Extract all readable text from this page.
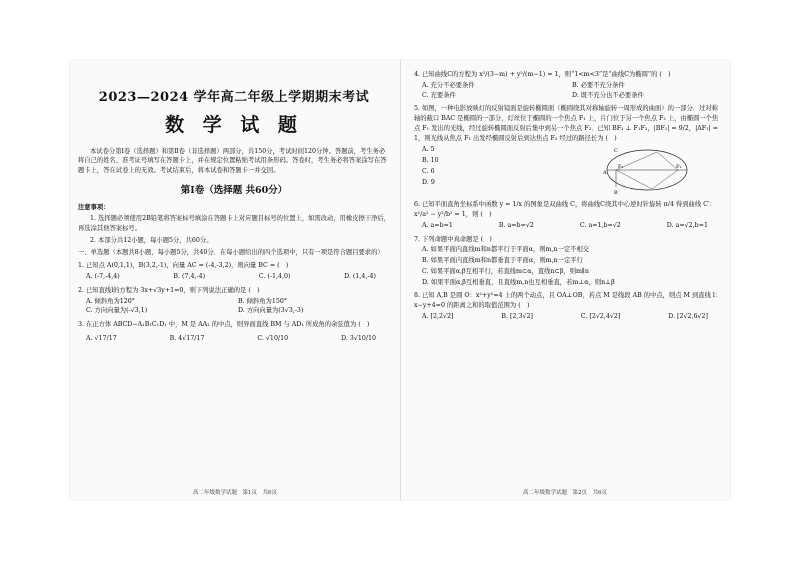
2023—2024 学年高二年级上学期期末考试
数 学 试 题
本试卷分第Ⅰ卷（选择题）和第Ⅱ卷（非选择题）两部分，共150分，考试时间120分钟。答题前，考生务必将自己的姓名、准考证号填写在答题卡上，并在规定位置粘贴考试用条形码。答卷时，考生务必将答案涂写在答题卡上，答在试卷上的无效。考试结束后，将本试卷和答题卡一并交回。
第Ⅰ卷（选择题 共60分）
注意事项：
1. 选择题必须使用2B铅笔将答案标号填涂在答题卡上对应题目标号的位置上，如需改动，用橡皮擦干净后，再选涂其他答案标号。
2. 本部分共12小题，每小题5分，共60分。
一、单选题（本题共8小题，每小题5分，共40分．在每小题给出的四个选项中，只有一项是符合题目要求的）
1. 已知点 A(0,1,1)，B(3,2,-1)，向量 AC = (-4,-3,2)，则向量 BC = (　)
A. (-7,-4,4)	B. (7,4,-4)	C. (-1,4,0)	D. (1,4,-4)
2. 已知直线l的方程为 3x+√3y+1=0，则下列说法正确的是 (　)
A. 倾斜角为120°	B. 倾斜角为150°
C. 方向向量为(-√3,1)	D. 方向向量为(3√3,-3)
3. 在正方体 ABCD−A₁B₁C₁D₁ 中，M 是 AA₁ 的中点，则异面直线 BM 与 AD₁ 所成角的余弦值为 (　)
A. √17/17	B. 4√17/17	C. √10/10	D. 3√10/10
高二年级数学试题　第1页　共6页
4. 已知曲线C的方程为 x²/(3−m) + y²/(m−1) = 1，则“1<m<3”是“曲线C为椭圆”的 (　)
A. 充分不必要条件	B. 必要不充分条件
C. 充要条件	D. 既不充分也不必要条件
5. 如图，一种电影放映灯的反射镜面是旋转椭圆面（椭圆绕其对称轴旋转一周形成的曲面）的一部分．过对称轴的截口 BAC 是椭圆的一部分，灯丝位于椭圆的一个焦点 F₁ 上，片门位于另一个焦点 F₂ 上，由椭圆一个焦点 F₁ 发出的光线，经过旋转椭圆面反射后集中到另一个焦点 F₂．已知 BF₁ ⊥ F₁F₂，|BF₁| = 9/2，|AF₁| = 1，则光线从焦点 F₁ 出发经椭圆反射后到达焦点 F₂ 经过的路径长为 (　)
A. 5
B. 10
C. 6
D. 9
A
B
C
F₁	F₂
6. 已知平面直角坐标系中函数 y = 1/x 的图象是双曲线 C，将曲线C绕其中心逆时针旋转 π/4 得到曲线 C′：x²/a² − y²/b² = 1，则 (　)
A. a=b=1	B. a=b=√2	C. a=1,b=√2	D. a=√2,b=1
7. 下列命题中真命题是 (　)
A. 如果平面内直线m和n都平行于平面α，则m,n一定不相交
B. 如果平面内直线m和n都垂直于平面α，则m,n一定平行
C. 如果平面α,β互相平行，若直线m⊂α，直线n⊂β，则m∥n
D. 如果平面α,β互相垂直，且直线m,n也互相垂直，若m⊥α，则n⊥β
8. 已知 A,B 是圆 O：x²+y²=4 上的两个动点，且 OA⊥OB，若点 M 是线段 AB 的中点，则点 M 到直线 l：x−y+4=0 的距离之和的取值范围为 (　)
A. [2,2√2]	B. [2,3√2]	C. [2√2,4√2]	D. [2√2,6√2]
高二年级数学试题　第2页　共6页
